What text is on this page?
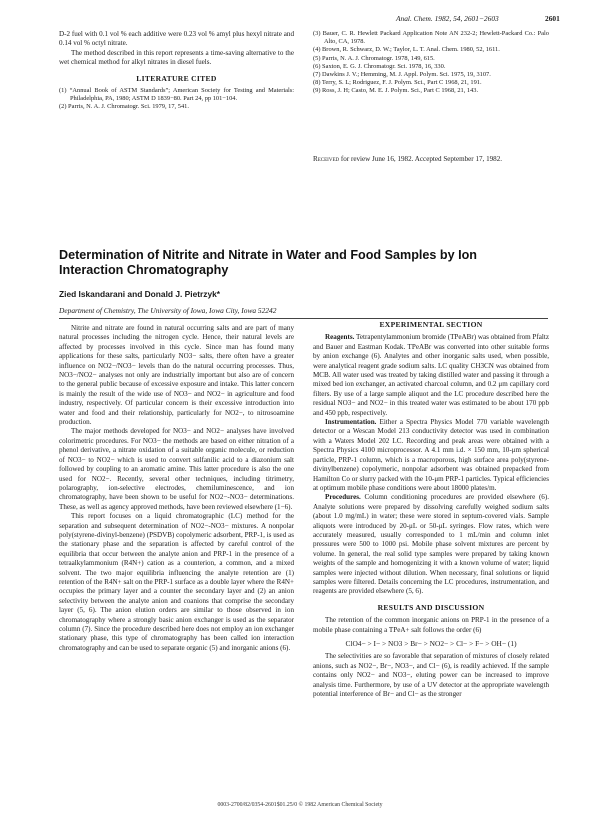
Anal. Chem. 1982, 54, 2601−2603	2601

D-2 fuel with 0.1 vol % each additive were 0.23 vol % amyl plus hexyl nitrate and 0.14 vol % octyl nitrate.

The method described in this report represents a time-saving alternative to the wet chemical method for alkyl nitrates in diesel fuels.

LITERATURE CITED
(1) “Annual Book of ASTM Standards”; American Society for Testing and Materials: Philadelphia, PA, 1980; ASTM D 1839−80. Part 24, pp 101−104.
(2) Parris, N. A. J. Chromatogr. Sci. 1979, 17, 541.
(3) Bauer, C. R. Hewlett Packard Application Note AN 232-2; Hewlett-Packard Co.: Palo Alto, CA, 1978.
(4) Brown, R. Schwarz, D. W.; Taylor, L. T. Anal. Chem. 1980, 52, 1611.
(5) Parris, N. A. J. Chromatogr. 1978, 149, 615.
(6) Saxton, E. G. J. Chromatogr. Sci. 1978, 16, 330.
(7) Dawkins J. V.; Hemming, M. J. Appl. Polym. Sci. 1975, 19, 3107.
(8) Terry, S. L; Rodriguez, F. J. Polym. Sci., Part C 1968, 21, 191.
(9) Ross, J. H; Casto, M. E. J. Polym. Sci., Part C 1968, 21, 143.
Received for review June 16, 1982. Accepted September 17, 1982.
Determination of Nitrite and Nitrate in Water and Food Samples by Ion Interaction Chromatography
Zied Iskandarani and Donald J. Pietrzyk*
Department of Chemistry, The University of Iowa, Iowa City, Iowa 52242

Nitrite and nitrate are found in natural occurring salts and are part of many natural processes including the nitrogen cycle. Hence, their natural levels are affected by processes involved in this cycle. Since man has found many applications for these salts, particularly NO3− salts, there often have a greater influence on NO2−/NO3− levels than do the natural occurring processes. Thus, NO3−/NO2− analyses not only are industrially important but also are of concern to the general public because of excessive exposure and intake. This latter concern is mainly the result of the wide use of NO3− and NO2− in agriculture and food industry, respectively. Of particular concern is their excessive introduction into water and food and their relationship, particularly for NO2−, to nitrosoamine production.

The major methods developed for NO3− and NO2− analyses have involved colorimetric procedures. For NO3− the methods are based on either nitration of a phenol derivative, a nitrate oxidation of a suitable organic molecule, or reduction of NO3− to NO2− which is used to convert sulfanilic acid to a diazonium salt followed by coupling to an aromatic amine. This latter procedure is also the one used for NO2−. Recently, several other techniques, including titrimetry, polarography, ion-selective electrodes, chemiluminescence, and ion chromatography, have been shown to be useful for NO2−-NO3− determinations. These, as well as agency approved methods, have been reviewed elsewhere (1−6).

This report focuses on a liquid chromatographic (LC) method for the separation and subsequent determination of NO2−-NO3− mixtures. A nonpolar poly(styrene-divinyl-benzene) (PSDVB) copolymeric adsorbent, PRP-1, is used as the stationary phase and the separation is affected by careful control of the equilibria that occur between the analyte anion and PRP-1 in the presence of a tetraalkylammonium (R4N+) cation as a counterion, a common, and a mixed solvent. The two major equilibria influencing the analyte retention are (1) retention of the R4N+ salt on the PRP-1 surface as a double layer where the R4N+ occupies the primary layer and a counter the secondary layer and (2) an anion selectivity between the analyte anion and coanions that comprise the secondary layer (5, 6). The anion elution orders are similar to those observed in ion chromatography where a strongly basic anion exchanger is used as the separator column (7). Since the procedure described here does not employ an ion exchanger stationary phase, this type of chromatography has been called ion interaction chromatography and can be used to separate organic (5) and inorganic anions (6).

EXPERIMENTAL SECTION

Reagents. Tetrapentylammonium bromide (TPeABr) was obtained from Pfaltz and Bauer and Eastman Kodak. TPeABr was converted into other suitable forms by anion exchange (6). Analytes and other inorganic salts used, when possible, were analytical reagent grade sodium salts. LC quality CH3CN was obtained from MCB. All water used was treated by taking distilled water and passing it through a mixed bed ion exchanger, an activated charcoal column, and 0.2 μm capillary cord filters. By use of a large sample aliquot and the LC procedure described here the residual NO3− and NO2− in this treated water was estimated to be about 170 ppb and 450 ppb, respectively.

Instrumentation. Either a Spectra Physics Model 770 variable wavelength detector or a Wescan Model 213 conductivity detector was used in combination with a Waters Model 202 LC. Recording and peak areas were obtained with a Spectra Physics 4100 microprocessor. A 4.1 mm i.d. × 150 mm, 10-μm spherical particle, PRP-1 column, which is a macroporous, high surface area poly(styrene-divinylbenzene) copolymeric, nonpolar adsorbent was obtained prepacked from Hamilton Co or slurry packed with the 10-μm PRP-1 particles. Typical efficiencies at optimum mobile phase conditions were about 18000 plates/m.

Procedures. Column conditioning procedures are provided elsewhere (6). Analyte solutions were prepared by dissolving carefully weighed sodium salts (about 1.0 mg/mL) in water; these were stored in septum-covered vials. Sample aliquots were introduced by 20-μL or 50-μL syringes. Flow rates, which were accurately measured, usually corresponded to 1 mL/min and column inlet pressures were 500 to 1000 psi. Mobile phase solvent mixtures are percent by volume. In general, the real solid type samples were prepared by taking known weights of the sample and homogenizing it with a known volume of water; liquid samples were injected without dilution. When necessary, final solutions or liquid samples were filtered. Details concerning the LC procedures, instrumentation, and reagents are provided elsewhere (5, 6).

RESULTS AND DISCUSSION

The retention of the common inorganic anions on PRP-1 in the presence of a mobile phase containing a TPeA+ salt follows the order (6)

ClO4− > I− > NO3 > Br− > NO2− > Cl− > F− > OH− (1)

The selectivities are so favorable that separation of mixtures of closely related anions, such as NO2−, Br−, NO3−, and Cl− (6), is readily achieved. If the sample contains only NO2− and NO3−, eluting power can be increased to improve analysis time. Furthermore, by use of a UV detector at the appropriate wavelength potential interference of Br− and Cl− as the stronger

0003-2700/82/0354-2601$01.25/0 © 1982 American Chemical Society
